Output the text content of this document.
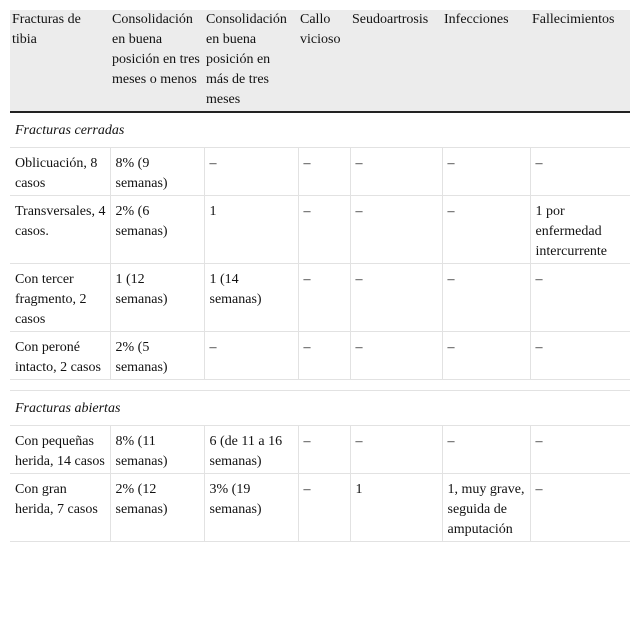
Fracturas de tibia	Consolidación en buena posición en tres meses o menos	Consolidación en buena posición en más de tres meses	Callo vicioso	Seudoartrosis	Infecciones	Fallecimientos
Fracturas cerradas						
Oblicuación, 8 casos	8% (9 semanas)	–	–	–	–	–
Transversales, 4 casos.	2% (6 semanas)	1	–	–	–	1 por enfermedad intercurrente
Con tercer fragmento, 2 casos	1 (12 semanas)	1 (14 semanas)	–	–	–	–
Con peroné intacto, 2 casos	2% (5 semanas)	–	–	–	–	–

Fracturas abiertas						
Con pequeñas herida, 14 casos	8% (11 semanas)	6 (de 11 a 16 semanas)	–	–	–	–
Con gran herida, 7 casos	2% (12 semanas)	3% (19 semanas)	–	1	1, muy grave, seguida de amputación	–
